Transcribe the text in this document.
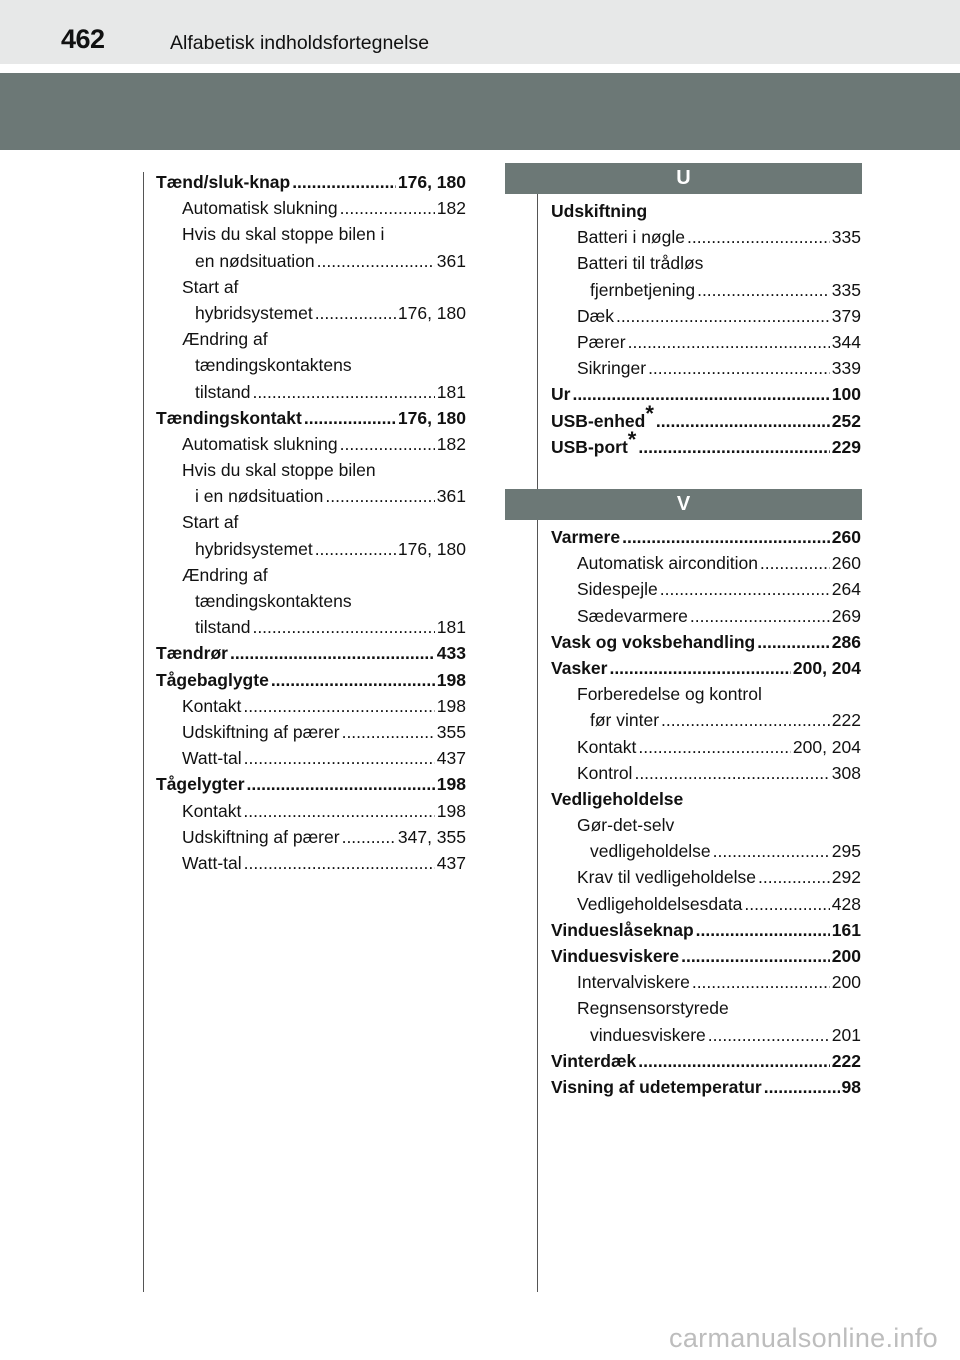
462	Alfabetisk indholdsfortegnelse
Tænd/sluk-knap .....	176, 180
Automatisk slukning .....	182
Hvis du skal stoppe bilen i
en nødsituation .....	361
Start af
hybridsystemet .....	176, 180
Ændring af
tændingskontaktens
tilstand .....	181
Tændingskontakt .....	176, 180
Automatisk slukning .....	182
Hvis du skal stoppe bilen
i en nødsituation .....	361
Start af
hybridsystemet .....	176, 180
Ændring af
tændingskontaktens
tilstand .....	181
Tændrør .....	433
Tågebaglygte .....	198
Kontakt .....	198
Udskiftning af pærer .....	355
Watt-tal .....	437
Tågelygter .....	198
Kontakt .....	198
Udskiftning af pærer .....	347, 355
Watt-tal .....	437
U
Udskiftning
Batteri i nøgle .....	335
Batteri til trådløs
fjernbetjening .....	335
Dæk .....	379
Pærer .....	344
Sikringer .....	339
Ur .....	100
USB-enhed * .....	252
USB-port * .....	229
V
Varmere .....	260
Automatisk aircondition .....	260
Sidespejle .....	264
Sædevarmere .....	269
Vask og voksbehandling .....	286
Vasker .....	200, 204
Forberedelse og kontrol
før vinter .....	222
Kontakt .....	200, 204
Kontrol .....	308
Vedligeholdelse
Gør-det-selv
vedligeholdelse .....	295
Krav til vedligeholdelse .....	292
Vedligeholdelsesdata .....	428
Vindueslåseknap .....	161
Vinduesviskere .....	200
Intervalviskere .....	200
Regnsensorstyrede
vinduesviskere .....	201
Vinterdæk .....	222
Visning af udetemperatur .....	98
carmanualsonline.info
